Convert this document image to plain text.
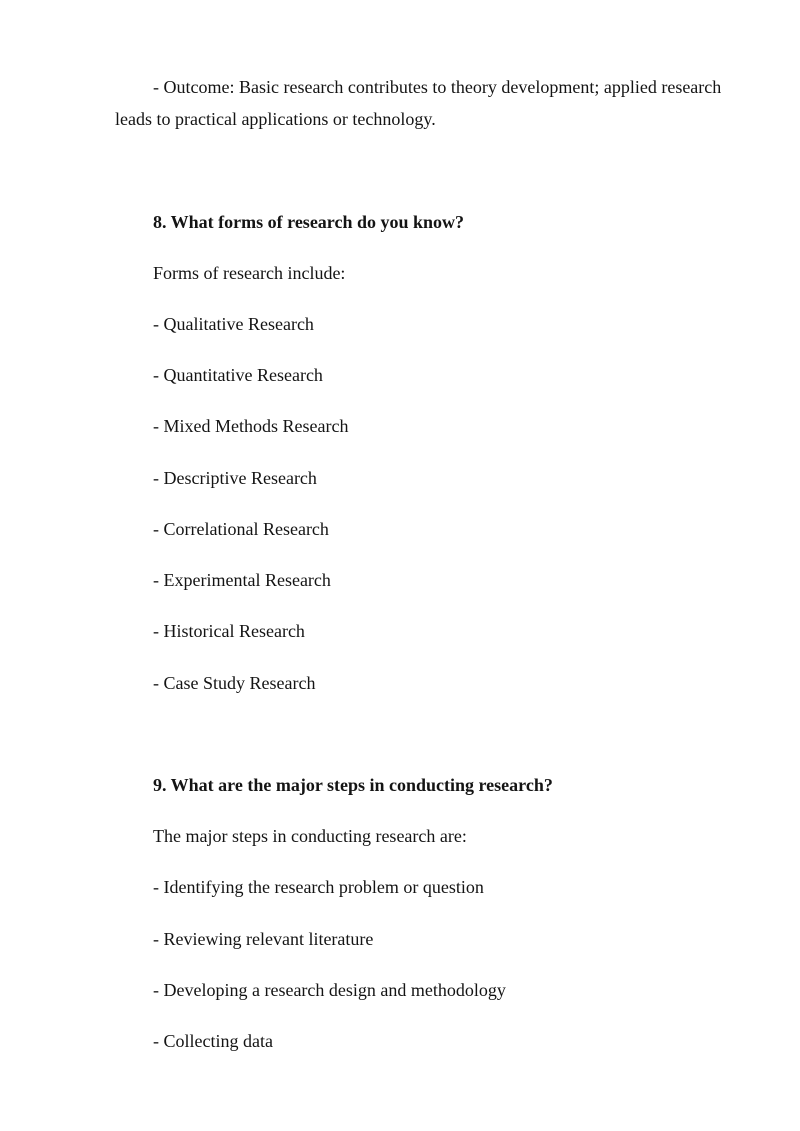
- Outcome: Basic research contributes to theory development; applied research
leads to practical applications or technology.
8. What forms of research do you know?
Forms of research include:
- Qualitative Research
- Quantitative Research
- Mixed Methods Research
- Descriptive Research
- Correlational Research
- Experimental Research
- Historical Research
- Case Study Research
9. What are the major steps in conducting research?
The major steps in conducting research are:
- Identifying the research problem or question
- Reviewing relevant literature
- Developing a research design and methodology
- Collecting data
